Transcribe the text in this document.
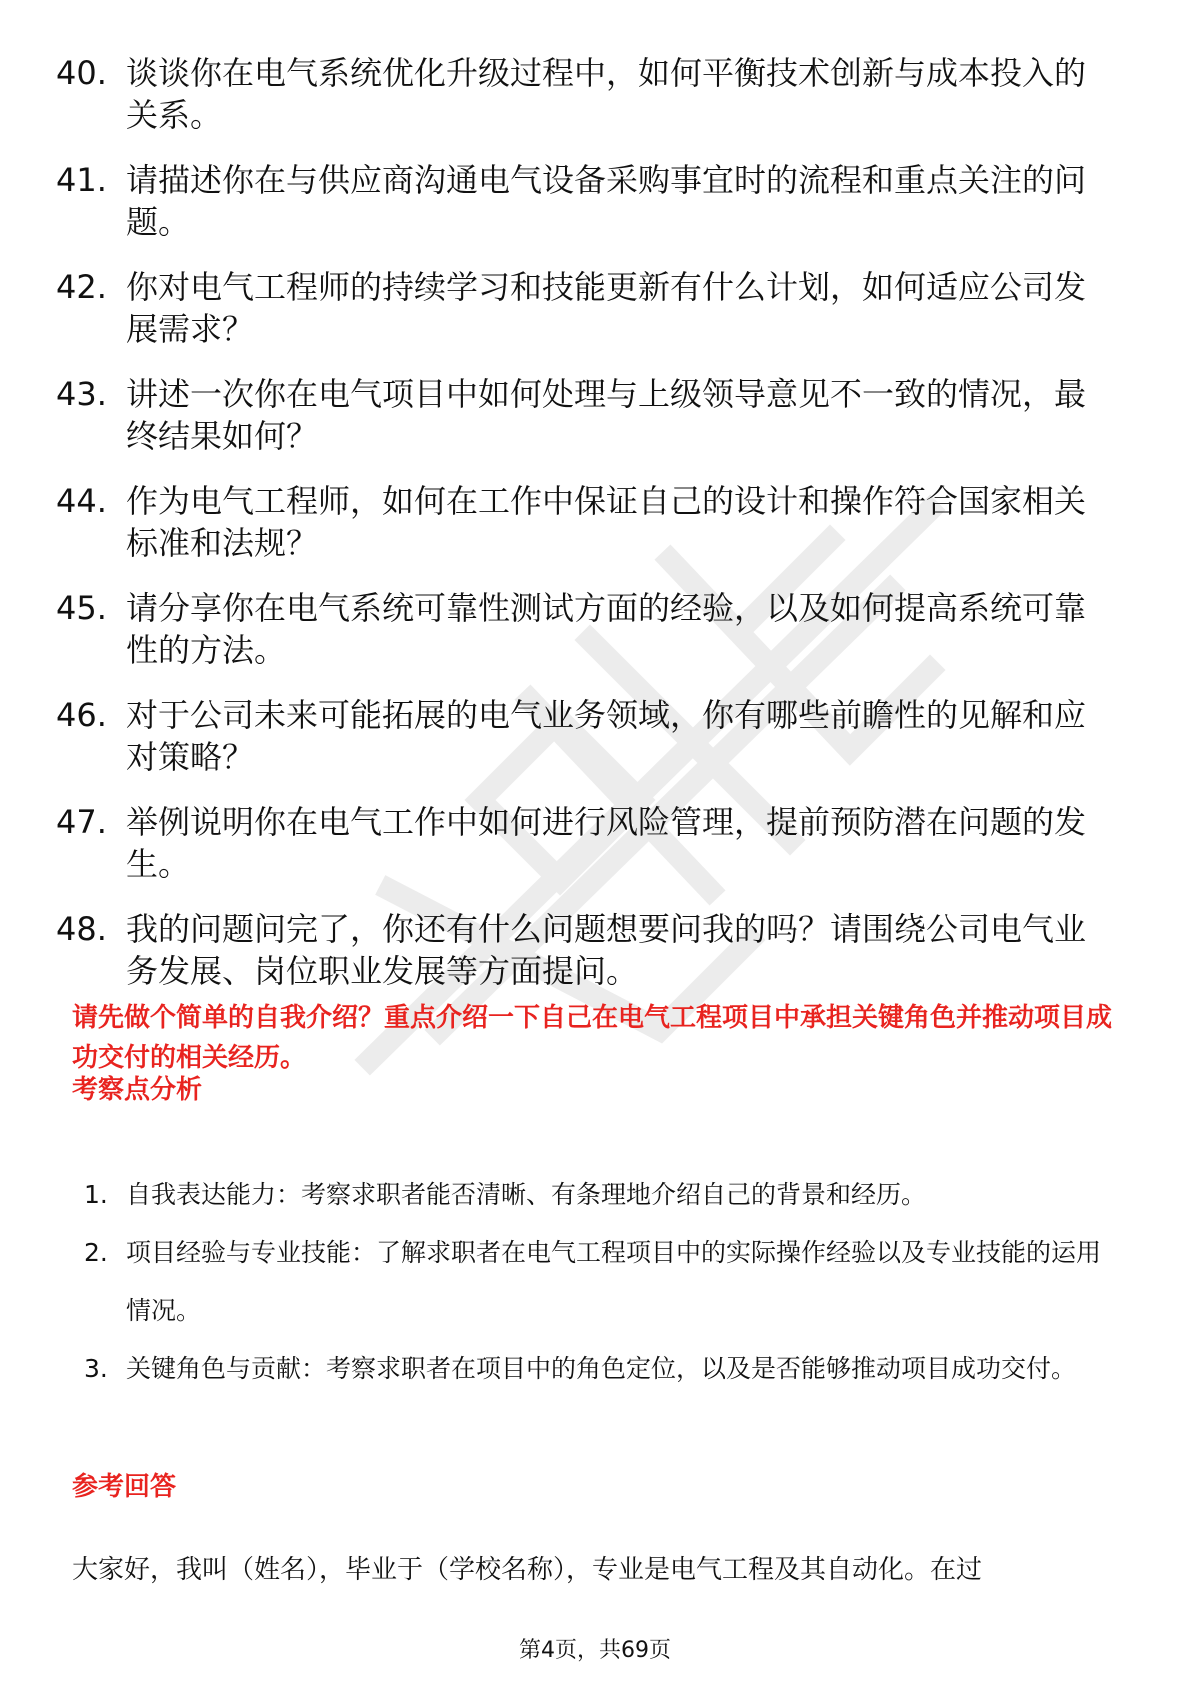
40. 谈谈你在电气系统优化升级过程中，如何平衡技术创新与成本投入的关系。
41. 请描述你在与供应商沟通电气设备采购事宜时的流程和重点关注的问题。
42. 你对电气工程师的持续学习和技能更新有什么计划，如何适应公司发展需求？
43. 讲述一次你在电气项目中如何处理与上级领导意见不一致的情况，最终结果如何？
44. 作为电气工程师，如何在工作中保证自己的设计和操作符合国家相关标准和法规？
45. 请分享你在电气系统可靠性测试方面的经验，以及如何提高系统可靠性的方法。
46. 对于公司未来可能拓展的电气业务领域，你有哪些前瞻性的见解和应对策略？
47. 举例说明你在电气工作中如何进行风险管理，提前预防潜在问题的发生。
48. 我的问题问完了，你还有什么问题想要问我的吗？请围绕公司电气业务发展、岗位职业发展等方面提问。
请先做个简单的自我介绍？重点介绍一下自己在电气工程项目中承担关键角色并推动项目成功交付的相关经历。
考察点分析
1. 自我表达能力：考察求职者能否清晰、有条理地介绍自己的背景和经历。
2. 项目经验与专业技能：了解求职者在电气工程项目中的实际操作经验以及专业技能的运用情况。
3. 关键角色与贡献：考察求职者在项目中的角色定位，以及是否能够推动项目成功交付。
参考回答
大家好，我叫（姓名），毕业于（学校名称），专业是电气工程及其自动化。在过
第4页，共69页
